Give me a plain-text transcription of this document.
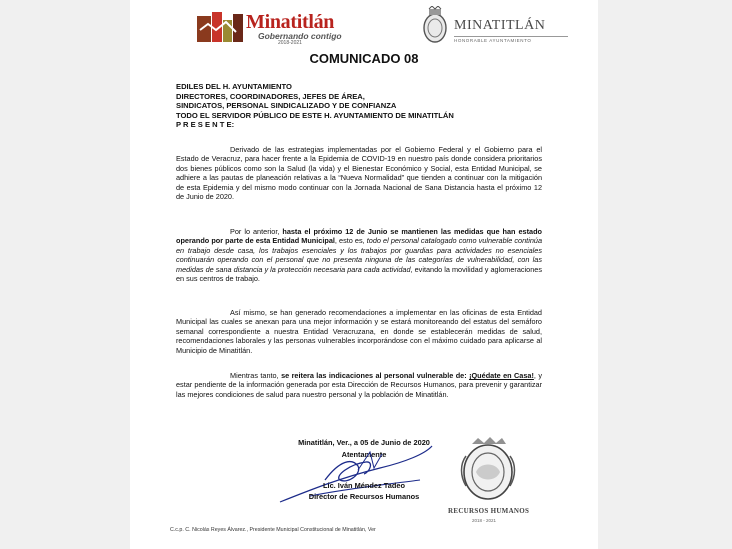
Minatitlán
Gobernando contigo
2018-2021
MINATITLÁN
HONORABLE AYUNTAMIENTO
COMUNICADO 08
EDILES DEL H. AYUNTAMIENTO
DIRECTORES, COORDINADORES, JEFES DE ÁREA,
SINDICATOS, PERSONAL SINDICALIZADO Y DE CONFIANZA
TODO EL SERVIDOR PÚBLICO DE ESTE H. AYUNTAMIENTO DE MINATITLÁN
P R E S E N T E:
Derivado de las estrategias implementadas por el Gobierno Federal y el Gobierno para el Estado de Veracruz, para hacer frente a la Epidemia de COVID-19 en nuestro país donde considera prioritarios dos bienes públicos como son la Salud (la vida) y el Bienestar Económico y Social, esta Entidad Municipal, se adhiere a las pautas de planeación relativas a la “Nueva Normalidad” que tienden a continuar con la mitigación de esta Epidemia y del mismo modo continuar con la Jornada Nacional de Sana Distancia hasta el próximo 12 de Junio de 2020.
Por lo anterior, hasta el próximo 12 de Junio se mantienen las medidas que han estado operando por parte de esta Entidad Municipal, esto es, todo el personal catalogado como vulnerable continúa en trabajo desde casa, los trabajos esenciales y los trabajos por guardias para actividades no esenciales continuarán operando con el personal que no presenta ninguna de las categorías de vulnerabilidad, con las medidas de sana distancia y la protección necesaria para cada actividad, evitando la movilidad y aglomeraciones en sus centros de trabajo.
Así mismo, se han generado recomendaciones a implementar en las oficinas de esta Entidad Municipal las cuales se anexan para una mejor información y se estará monitoreando del estatus del semáforo semanal correspondiente a nuestra Entidad Veracruzana, en donde se establecerán medidas de salud, recomendaciones laborales y las personas vulnerables incorporándose con el máximo cuidado para aplicarse al Municipio de Minatitlán.
Mientras tanto, se reitera las indicaciones al personal vulnerable de: ¡Quédate en Casa!, y estar pendiente de la información generada por esta Dirección de Recursos Humanos, para prevenir y garantizar las mejores condiciones de salud para nuestro personal y la población de Minatitlán.
Minatitlán, Ver., a 05 de Junio de 2020
Atentamente
Lic. Iván Méndez Tadeo
Director de Recursos Humanos
RECURSOS HUMANOS
2018 - 2021
C.c.p. C. Nicolás Reyes Álvarez., Presidente Municipal Constitucional de Minatitlán, Ver
